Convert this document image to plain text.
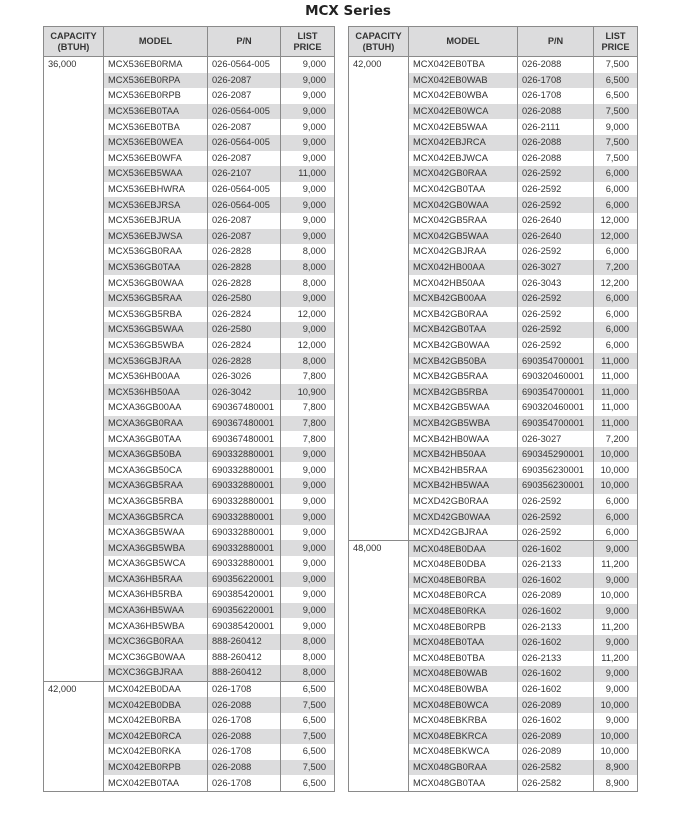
MCX Series
CAPACITY
(BTUH)	MODEL	P/N	LIST
PRICE
36,000	MCX536EB0RMA	026-0564-005	9,000
	MCX536EB0RPA	026-2087	9,000
	MCX536EB0RPB	026-2087	9,000
	MCX536EB0TAA	026-0564-005	9,000
	MCX536EB0TBA	026-2087	9,000
	MCX536EB0WEA	026-0564-005	9,000
	MCX536EB0WFA	026-2087	9,000
	MCX536EB5WAA	026-2107	11,000
	MCX536EBHWRA	026-0564-005	9,000
	MCX536EBJRSA	026-0564-005	9,000
	MCX536EBJRUA	026-2087	9,000
	MCX536EBJWSA	026-2087	9,000
	MCX536GB0RAA	026-2828	8,000
	MCX536GB0TAA	026-2828	8,000
	MCX536GB0WAA	026-2828	8,000
	MCX536GB5RAA	026-2580	9,000
	MCX536GB5RBA	026-2824	12,000
	MCX536GB5WAA	026-2580	9,000
	MCX536GB5WBA	026-2824	12,000
	MCX536GBJRAA	026-2828	8,000
	MCX536HB00AA	026-3026	7,800
	MCX536HB50AA	026-3042	10,900
	MCXA36GB00AA	690367480001	7,800
	MCXA36GB0RAA	690367480001	7,800
	MCXA36GB0TAA	690367480001	7,800
	MCXA36GB50BA	690332880001	9,000
	MCXA36GB50CA	690332880001	9,000
	MCXA36GB5RAA	690332880001	9,000
	MCXA36GB5RBA	690332880001	9,000
	MCXA36GB5RCA	690332880001	9,000
	MCXA36GB5WAA	690332880001	9,000
	MCXA36GB5WBA	690332880001	9,000
	MCXA36GB5WCA	690332880001	9,000
	MCXA36HB5RAA	690356220001	9,000
	MCXA36HB5RBA	690385420001	9,000
	MCXA36HB5WAA	690356220001	9,000
	MCXA36HB5WBA	690385420001	9,000
	MCXC36GB0RAA	888-260412	8,000
	MCXC36GB0WAA	888-260412	8,000
	MCXC36GBJRAA	888-260412	8,000
42,000	MCX042EB0DAA	026-1708	6,500
	MCX042EB0DBA	026-2088	7,500
	MCX042EB0RBA	026-1708	6,500
	MCX042EB0RCA	026-2088	7,500
	MCX042EB0RKA	026-1708	6,500
	MCX042EB0RPB	026-2088	7,500
	MCX042EB0TAA	026-1708	6,500
CAPACITY
(BTUH)	MODEL	P/N	LIST
PRICE
42,000	MCX042EB0TBA	026-2088	7,500
	MCX042EB0WAB	026-1708	6,500
	MCX042EB0WBA	026-1708	6,500
	MCX042EB0WCA	026-2088	7,500
	MCX042EB5WAA	026-2111	9,000
	MCX042EBJRCA	026-2088	7,500
	MCX042EBJWCA	026-2088	7,500
	MCX042GB0RAA	026-2592	6,000
	MCX042GB0TAA	026-2592	6,000
	MCX042GB0WAA	026-2592	6,000
	MCX042GB5RAA	026-2640	12,000
	MCX042GB5WAA	026-2640	12,000
	MCX042GBJRAA	026-2592	6,000
	MCX042HB00AA	026-3027	7,200
	MCX042HB50AA	026-3043	12,200
	MCXB42GB00AA	026-2592	6,000
	MCXB42GB0RAA	026-2592	6,000
	MCXB42GB0TAA	026-2592	6,000
	MCXB42GB0WAA	026-2592	6,000
	MCXB42GB50BA	690354700001	11,000
	MCXB42GB5RAA	690320460001	11,000
	MCXB42GB5RBA	690354700001	11,000
	MCXB42GB5WAA	690320460001	11,000
	MCXB42GB5WBA	690354700001	11,000
	MCXB42HB0WAA	026-3027	7,200
	MCXB42HB50AA	690345290001	10,000
	MCXB42HB5RAA	690356230001	10,000
	MCXB42HB5WAA	690356230001	10,000
	MCXD42GB0RAA	026-2592	6,000
	MCXD42GB0WAA	026-2592	6,000
	MCXD42GBJRAA	026-2592	6,000
48,000	MCX048EB0DAA	026-1602	9,000
	MCX048EB0DBA	026-2133	11,200
	MCX048EB0RBA	026-1602	9,000
	MCX048EB0RCA	026-2089	10,000
	MCX048EB0RKA	026-1602	9,000
	MCX048EB0RPB	026-2133	11,200
	MCX048EB0TAA	026-1602	9,000
	MCX048EB0TBA	026-2133	11,200
	MCX048EB0WAB	026-1602	9,000
	MCX048EB0WBA	026-1602	9,000
	MCX048EB0WCA	026-2089	10,000
	MCX048EBKRBA	026-1602	9,000
	MCX048EBKRCA	026-2089	10,000
	MCX048EBKWCA	026-2089	10,000
	MCX048GB0RAA	026-2582	8,900
	MCX048GB0TAA	026-2582	8,900
